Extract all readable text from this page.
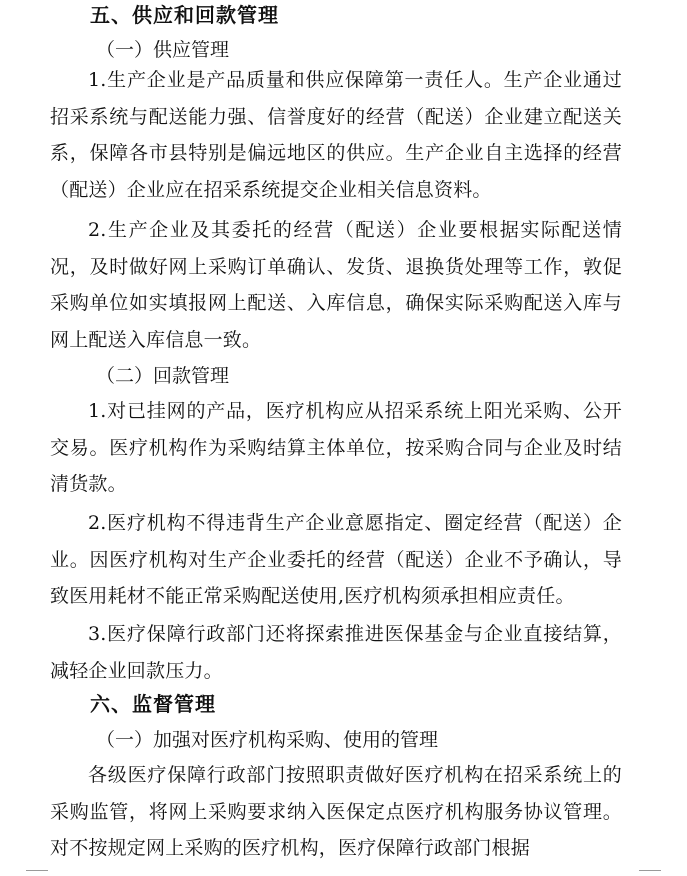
五、供应和回款管理
（一）供应管理
1.生产企业是产品质量和供应保障第一责任人。生产企业通过招采系统与配送能力强、信誉度好的经营（配送）企业建立配送关系，保障各市县特别是偏远地区的供应。生产企业自主选择的经营（配送）企业应在招采系统提交企业相关信息资料。
2.生产企业及其委托的经营（配送）企业要根据实际配送情况，及时做好网上采购订单确认、发货、退换货处理等工作，敦促采购单位如实填报网上配送、入库信息，确保实际采购配送入库与网上配送入库信息一致。
（二）回款管理
1.对已挂网的产品，医疗机构应从招采系统上阳光采购、公开交易。医疗机构作为采购结算主体单位，按采购合同与企业及时结清货款。
2.医疗机构不得违背生产企业意愿指定、圈定经营（配送）企业。因医疗机构对生产企业委托的经营（配送）企业不予确认，导致医用耗材不能正常采购配送使用,医疗机构须承担相应责任。
3.医疗保障行政部门还将探索推进医保基金与企业直接结算，减轻企业回款压力。
六、监督管理
（一）加强对医疗机构采购、使用的管理
各级医疗保障行政部门按照职责做好医疗机构在招采系统上的采购监管，将网上采购要求纳入医保定点医疗机构服务协议管理。对不按规定网上采购的医疗机构，医疗保障行政部门根据
